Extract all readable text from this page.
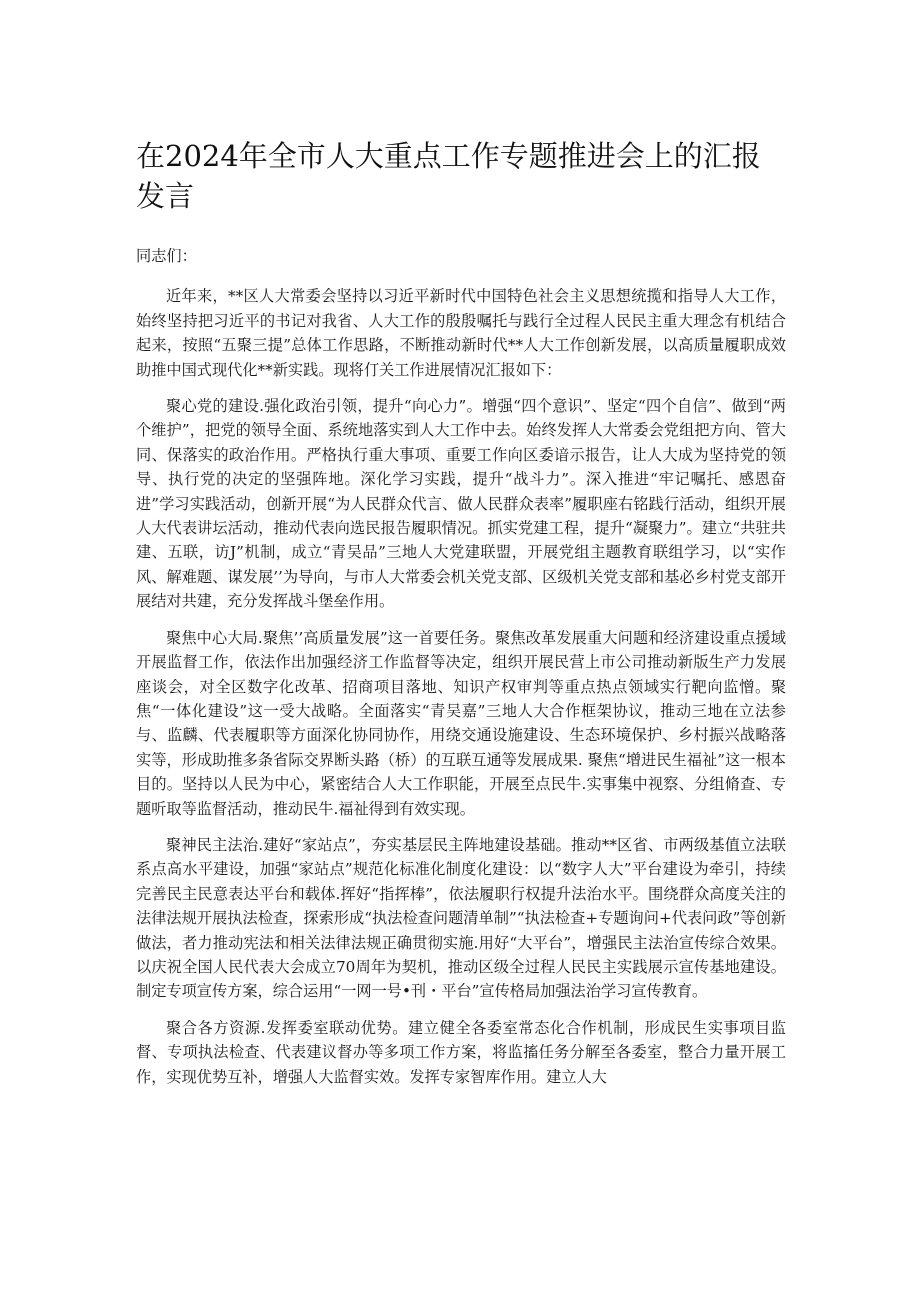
在2024年全市人大重点工作专题推进会上的汇报发言

同志们：

近年来，**区人大常委会坚持以习近平新时代中国特色社会主义思想统揽和指导人大工作，始终坚持把习近平的书记对我省、人大工作的殷殷嘱托与践行全过程人民民主重大理念有机结合起来，按照“五聚三提”总体工作思路，不断推动新时代**人大工作创新发展，以高质量履职成效助推中国式现代化**新实践。现将仃关工作进展情况汇报如下：

聚心党的建设.强化政治引领，提升“向心力”。增强“四个意识”、坚定“四个自信”、做到“两个维护”，把党的领导全面、系统地落实到人大工作中去。始终发挥人大常委会党组把方向、管大同、保落实的政治作用。严格执行重大事项、重要工作向区委谙示报告，让人大成为坚持党的领导、执行党的决定的坚强阵地。深化学习实践，提升“战斗力”。深入推进“牢记嘱托、感恩奋进”学习实践活动，创新开展“为人民群众代言、做人民群众表率”履职座右铭践行活动，组织开展人大代表讲坛活动，推动代表向选民报告履职情况。抓实党建工程，提升“凝聚力”。建立“共驻共建、五联，访J”机制，成立“青吴品”三地人大党建联盟，开展党组主题教育联组学习，以“实作风、解难题、谋发展’’为导向，与市人大常委会机关党支部、区级机关党支部和基必乡村党支部开展结对共建，充分发挥战斗堡垒作用。

聚焦中心大局.聚焦’’高质量发展”这一首要任务。聚焦改革发展重大问题和经济建设重点援域开展监督工作，依法作出加强经济工作监督等决定，组织开展民营上市公司推动新版生产力发展座谈会，对全区数字化改革、招商项目落地、知识产权审判等重点热点领域实行靶向监憎。聚焦“一体化建设”这一受大战略。全面落实“青吴嘉”三地人大合作框架协议，推动三地在立法参与、监麟、代表履职等方面深化协同协作，用绕交通设施建设、生态环境保护、乡村振兴战略落实等，形成助推多条省际交界断头路（桥）的互联互通等发展成果. 聚焦“增进民生福祉”这一根本目的。坚持以人民为中心，紧密结合人大工作职能，开展至点民牛.实事集中视察、分组脩查、专题听取等监督活动，推动民牛.福祉得到有效实现。

聚神民主法治.建好“家站点”，夯实基层民主阵地建设基础。推动**区省、市两级基值立法联系点高水平建设，加强“家站点”规范化标准化制度化建设：以“数字人大”平台建设为牵引，持续完善民主民意表达平台和载体.挥好“指挥棒”，依法履职行权提升法治水平。围绕群众高度关注的法律法规开展执法检查，探索形成“执法检查问题清单制”“执法检查+专题询问+代表问政”等创新做法，者力推动宪法和相关法律法规正确贯彻实施.用好“大平台”，增强民主法治宣传综合效果。以庆祝全国人民代表大会成立70周年为契机，推动区级全过程人民民主实践展示宣传基地建设。制定专项宣传方案，综合运用“一网一号•刊・平台”宣传格局加强法治学习宣传教育。

聚合各方资源.发挥委室联动优势。建立健全各委室常态化合作机制，形成民生实事项目监督、专项执法检查、代表建议督办等多项工作方案，将监搐任务分解至各委室，整合力量开展工作，实现优势互补，增强人大监督实效。发挥专家智库作用。建立人大
